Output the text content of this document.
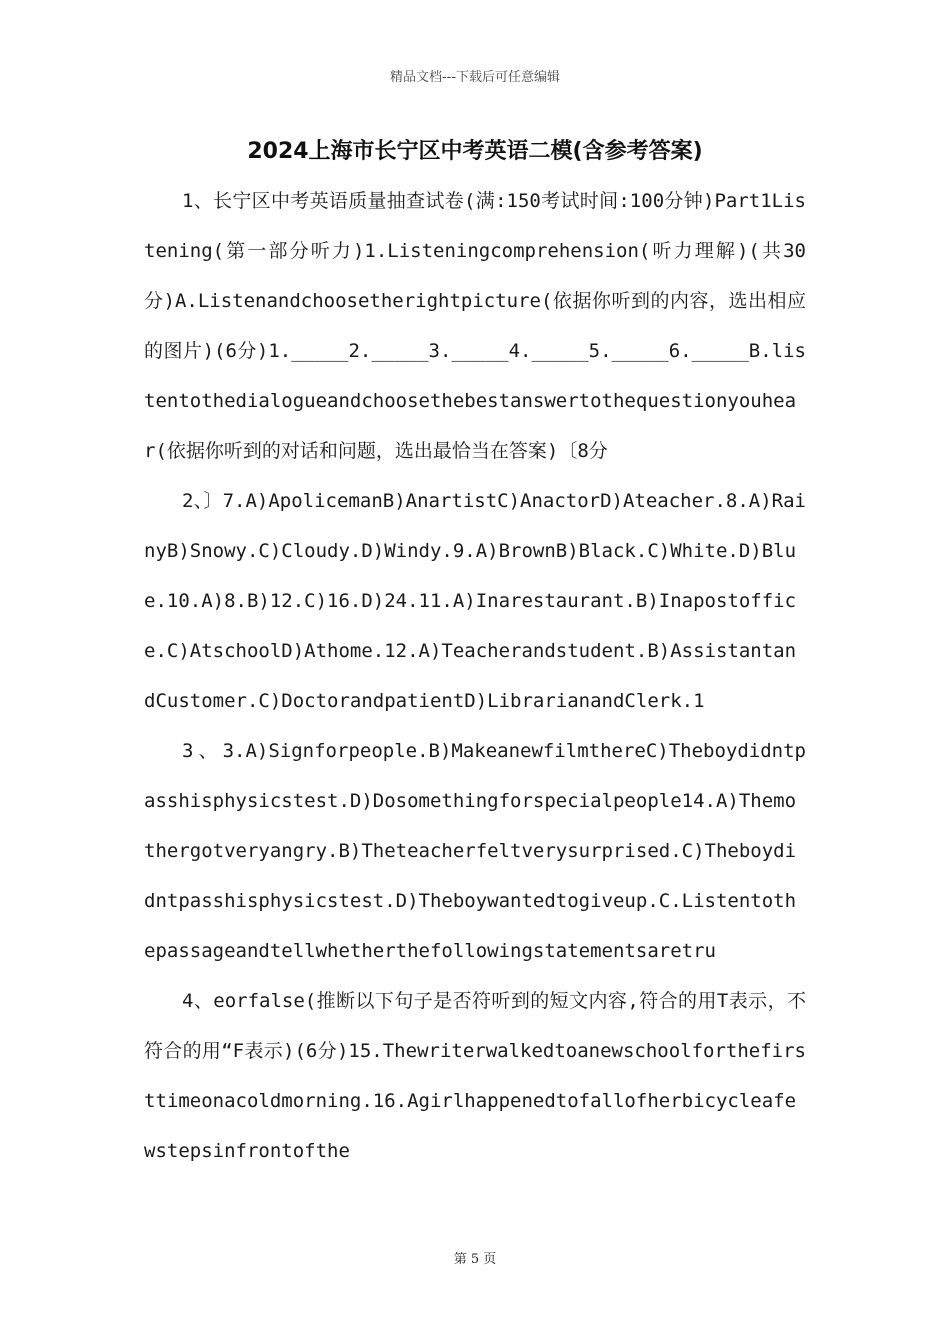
精品文档---下载后可任意编辑
2024上海市长宁区中考英语二模(含参考答案)

1、长宁区中考英语质量抽查试卷(满:150考试时间:100分钟)Part1Listening(第一部分听力)1.Listeningcomprehension(听力理解)(共30分)A.Listenandchoosetherightpicture(依据你听到的内容，选出相应的图片)(6分)1._____2._____3._____4._____5._____6._____B.listentothedialogueandchoosethebestanswertothequestionyouhear(依据你听到的对话和问题，选出最恰当在答案)〔8分

2、〕7.A)ApolicemanB)AnartistC)AnactorD)Ateacher.8.A)RainyB)Snowy.C)Cloudy.D)Windy.9.A)BrownB)Black.C)White.D)Blue.10.A)8.B)12.C)16.D)24.11.A)Inarestaurant.B)Inapostoffice.C)AtschoolD)Athome.12.A)Teacherandstudent.B)AssistantandCustomer.C)DoctorandpatientD)LibrarianandClerk.1

3、3.A)Signforpeople.B)MakeanewfilmthereC)Theboydidntpasshisphysicstest.D)Dosomethingforspecialpeople14.A)Themothergotveryangry.B)Theteacherfeltverysurprised.C)Theboydidntpasshisphysicstest.D)Theboywantedtogiveup.C.Listentothepassageandtellwhetherthefollowingstatementsaretru

4、eorfalse(推断以下句子是否符听到的短文内容,符合的用T表示，不符合的用“F表示)(6分)15.Thewriterwalkedtoanewschoolforthefirsttimeonacoldmorning.16.Agirlhappenedtofallofherbicycleafewstepsinfrontofthe

第 5 页
